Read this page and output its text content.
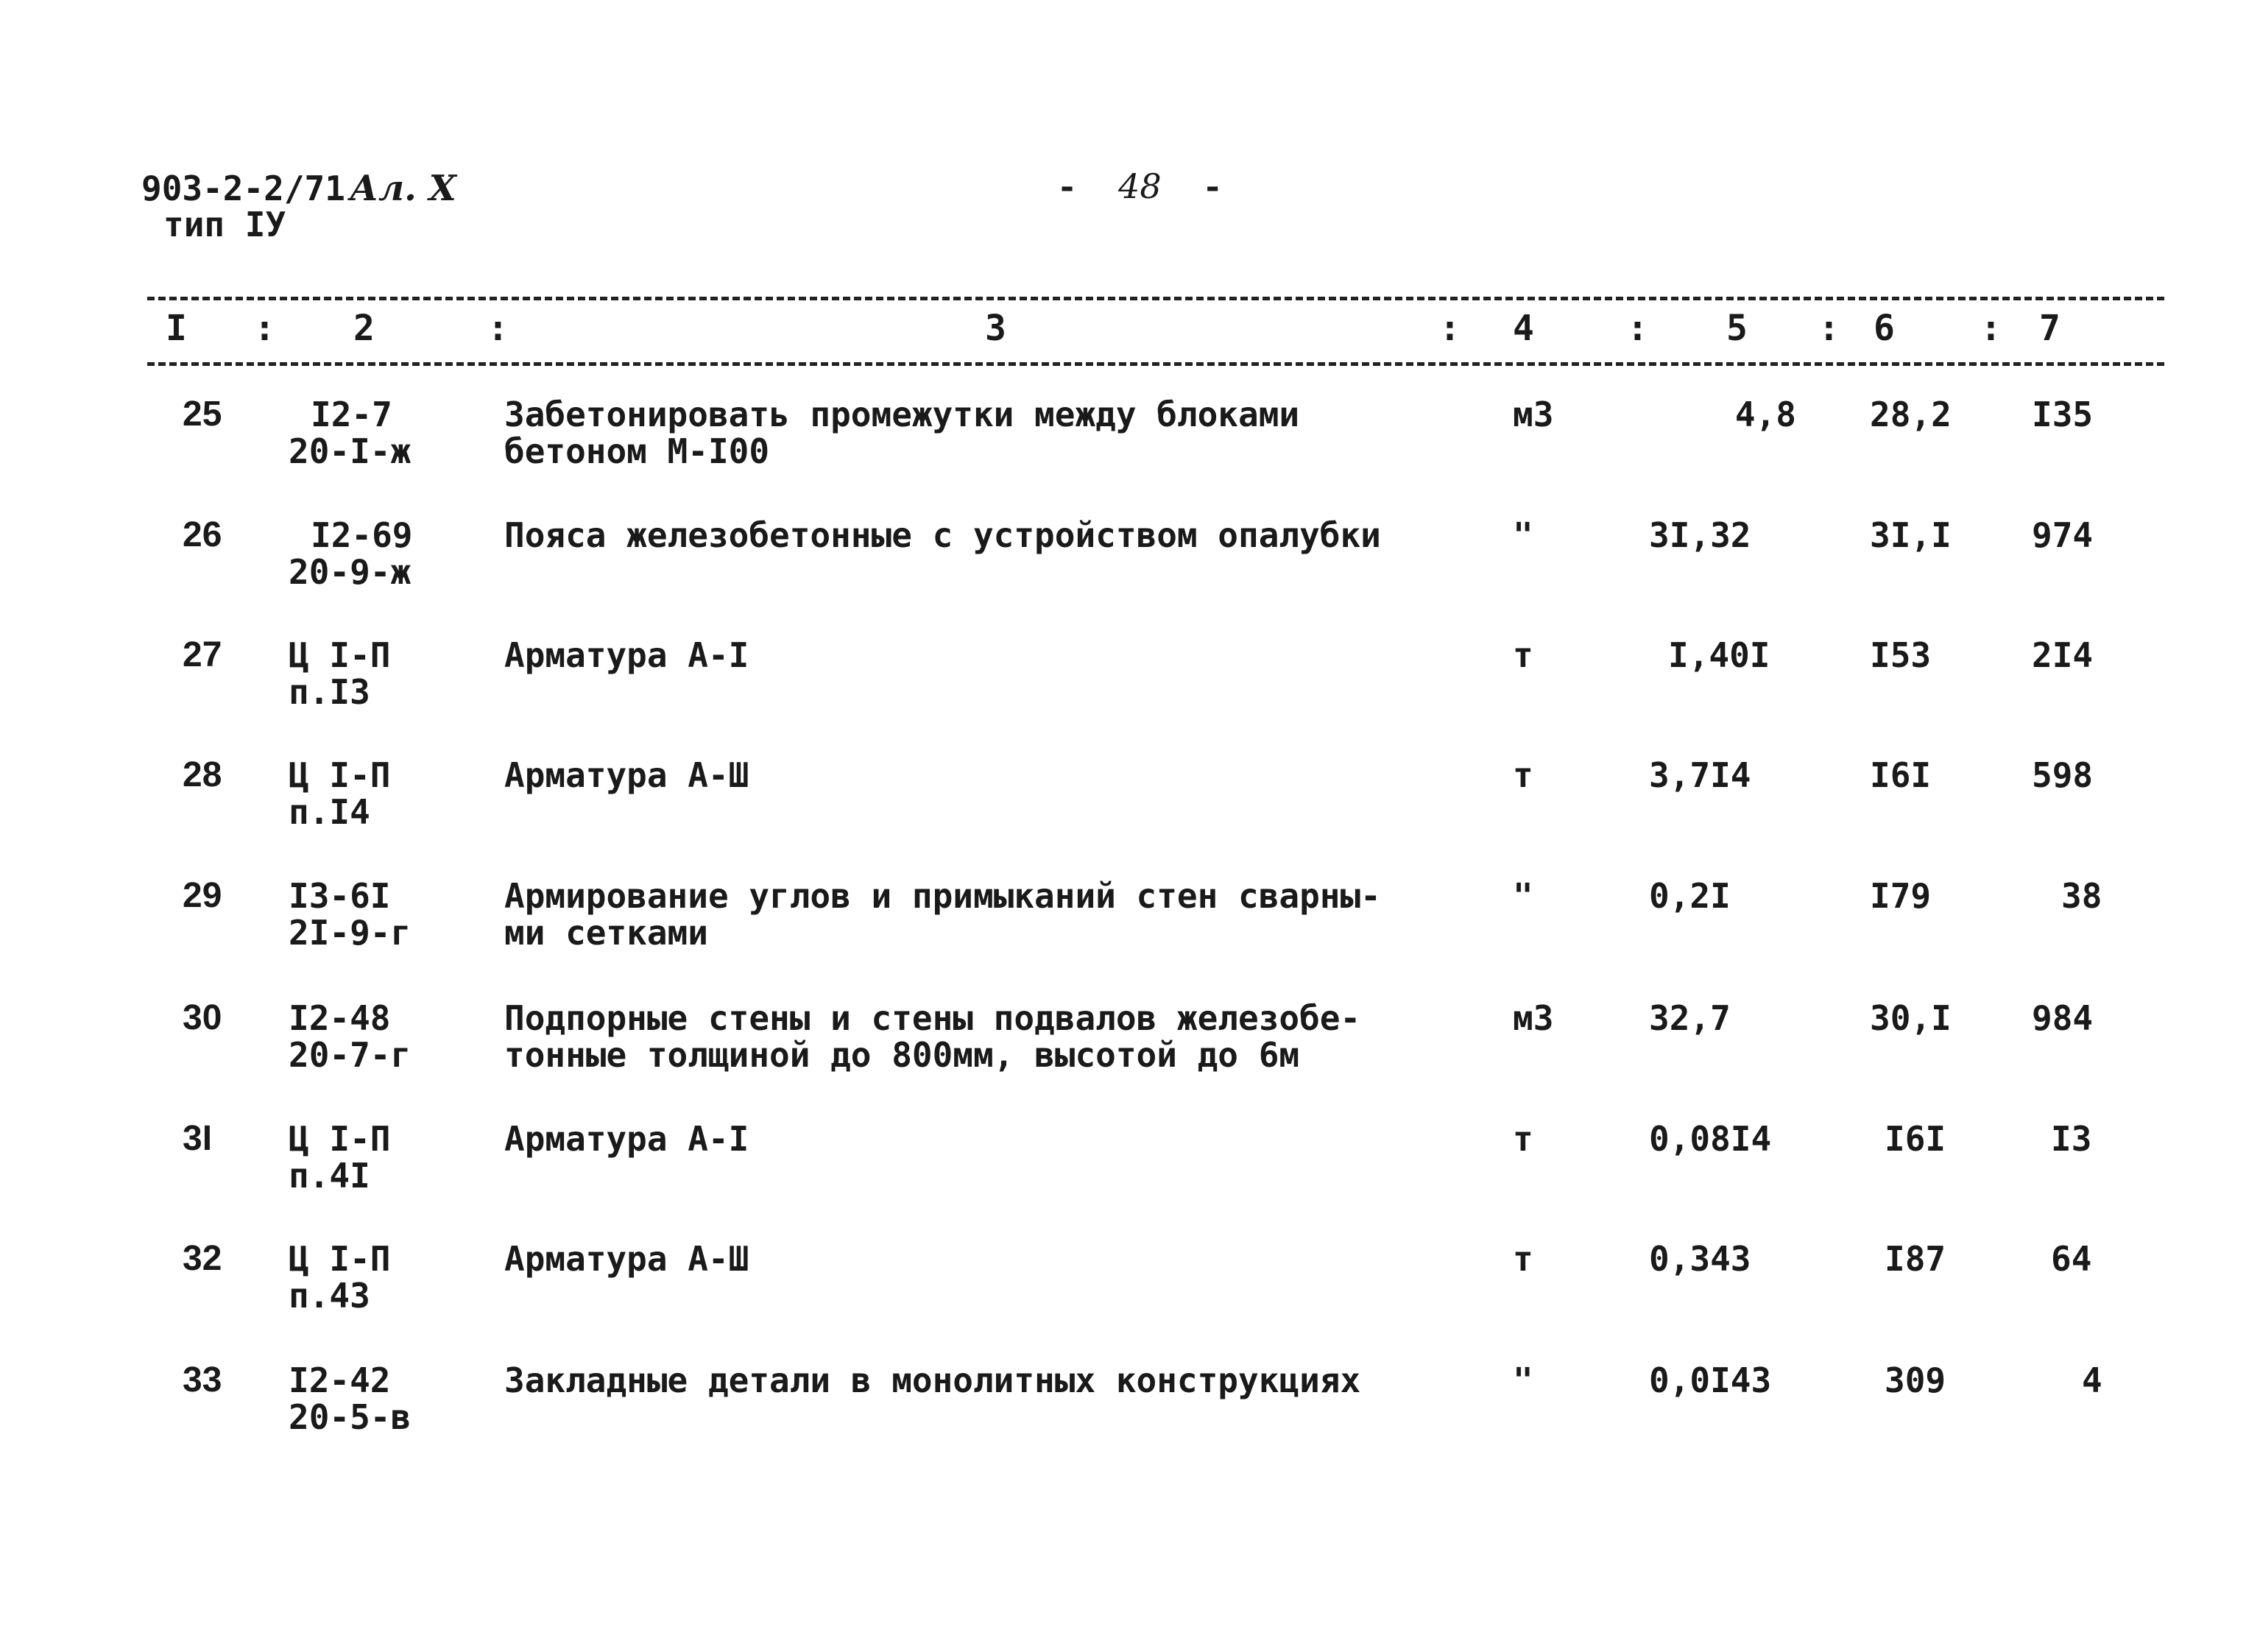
903-2-2/71 Ал. X
тип IУ
- 48 -
I : 2	:	3	: 4	: 5 : 6 : 7
25	I2-7
20-I-ж
Забетонировать промежутки между блоками
бетоном М-I00
м3	4,8	28,2	I35
26	I2-69
20-9-ж
Пояса железобетонные с устройством опалубки	"	3I,32	3I,I	974
27	Ц I-П
п.I3
Арматура А-I	т	I,40I	I53	2I4
28	Ц I-П
п.I4
Арматура А-Ш	т	3,7I4	I6I	598
29	I3-6I
2I-9-г
Армирование углов и примыканий стен сварны-
ми сетками
"	0,2I	I79	38
30	I2-48
20-7-г
Подпорные стены и стены подвалов железобе-
тонные толщиной до 800мм, высотой до 6м
м3	32,7	30,I	984
3I	Ц I-П
п.4I
Арматура А-I	т	0,08I4	I6I	I3
32	Ц I-П
п.43
Арматура А-Ш	т	0,343	I87	64
33	I2-42
20-5-в
Закладные детали в монолитных конструкциях	"	0,0I43	309	4
